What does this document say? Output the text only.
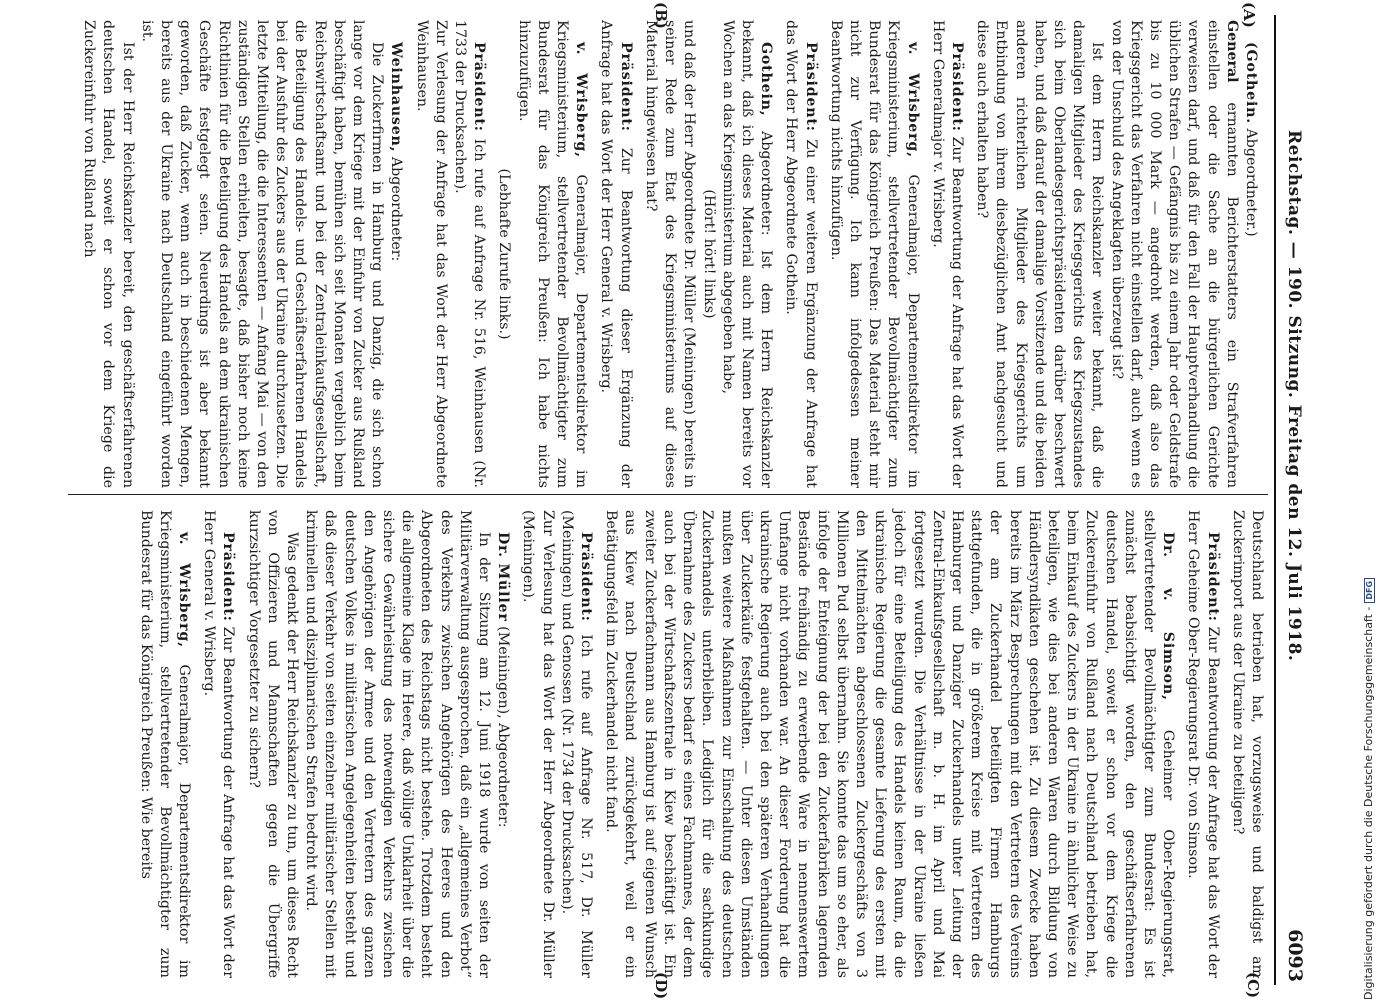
Reichstag. — 190. Sitzung. Freitag den 12. Juli 1918.
6093
(A)
(B)
(C)
(D)

(Gothein. Abgeordneter.)

General ernannten Berichterstatters ein Strafverfahren einstellen oder die Sache an die bürgerlichen Gerichte verweisen darf, und daß für den Fall der Hauptverhandlung die üblichen Strafen — Gefängnis bis zu einem Jahr oder Geldstrafe bis zu 10 000 Mark — angedroht werden, daß also das Kriegsgericht das Verfahren nicht einstellen darf, auch wenn es von der Unschuld des Angeklagten überzeugt ist?

Ist dem Herrn Reichskanzler weiter bekannt, daß die damaligen Mitglieder des Kriegsgerichts des Kriegszustandes sich beim Oberlandesgerichtspräsidenten darüber beschwert haben, und daß darauf der damalige Vorsitzende und die beiden anderen richterlichen Mitglieder des Kriegsgerichts um Entbindung von ihrem diesbezüglichen Amt nachgesucht und diese auch erhalten haben?

Präsident: Zur Beantwortung der Anfrage hat das Wort der Herr Generalmajor v. Wrisberg.

v. Wrisberg, Generalmajor, Departementsdirektor im Kriegsministerium, stellvertretender Bevollmächtigter zum Bundesrat für das Königreich Preußen: Das Material steht mir nicht zur Verfügung. Ich kann infolgedessen meiner Beantwortung nichts hinzufügen.

Präsident: Zu einer weiteren Ergänzung der Anfrage hat das Wort der Herr Abgeordnete Gothein.

Gothein, Abgeordneter: Ist dem Herrn Reichskanzler bekannt, daß ich dieses Material auch mit Namen bereits vor Wochen an das Kriegsministerium abgegeben habe,

(Hört! hört! links)

und daß der Herr Abgeordnete Dr. Müller (Meiningen) bereits in seiner Rede zum Etat des Kriegsministeriums auf dieses Material hingewiesen hat?

Präsident: Zur Beantwortung dieser Ergänzung der Anfrage hat das Wort der Herr General v. Wrisberg.

v. Wrisberg, Generalmajor, Departementsdirektor im Kriegsministerium, stellvertretender Bevollmächtigter zum Bundesrat für das Königreich Preußen: Ich habe nichts hinzuzufügen.

(Lebhafte Zurufe links.)

Präsident: Ich rufe auf Anfrage Nr. 516, Weinhausen (Nr. 1733 der Drucksachen).

Zur Verlesung der Anfrage hat das Wort der Herr Abgeordnete Weinhausen.

Weinhausen, Abgeordneter:

Die Zuckerfirmen in Hamburg und Danzig, die sich schon lange vor dem Kriege mit der Einfuhr von Zucker aus Rußland beschäftigt haben, bemühen sich seit Monaten vergeblich beim Reichswirtschaftsamt und bei der Zentraleinkaufsgesellschaft, die Beteiligung des Handels- und Geschäftserfahrenen Handels bei der Ausfuhr des Zuckers aus der Ukraine durchzusetzen. Die letzte Mitteilung, die die Interessenten — Anfang Mai — von den zuständigen Stellen erhielten, besagte, daß bisher noch keine Richtlinien für die Beteiligung des Handels an dem ukrainischen Geschäfte festgelegt seien. Neuerdings ist aber bekannt geworden, daß Zucker, wenn auch in beschiedenen Mengen, bereits aus der Ukraine nach Deutschland eingeführt worden ist.

Ist der Herr Reichskanzler bereit, den geschäftserfahrenen deutschen Handel, soweit er schon vor dem Kriege die Zuckereinfuhr von Rußland nach

Deutschland betrieben hat, vorzugsweise und baldigst am Zuckerimport aus der Ukraine zu beteiligen?

Präsident: Zur Beantwortung der Anfrage hat das Wort der Herr Geheime Ober-Regierungsrat Dr. von Simson.

Dr. v. Simson, Geheimer Ober-Regierungsrat, stellvertretender Bevollmächtigter zum Bundesrat: Es ist zunächst beabsichtigt worden, den geschäftserfahrenen deutschen Handel, soweit er schon vor dem Kriege die Zuckereinfuhr von Rußland nach Deutschland betrieben hat, beim Einkauf des Zuckers in der Ukraine in ähnlicher Weise zu beteiligen, wie dies bei anderen Waren durch Bildung von Händlersyndikaten geschehen ist. Zu diesem Zwecke haben bereits im März Besprechungen mit den Vertretern des Vereins der am Zuckerhandel beteiligten Firmen Hamburgs stattgefunden, die in größerem Kreise mit Vertretern des Hamburger und Danziger Zuckerhandels unter Leitung der Zentral-Einkaufsgesellschaft m. b. H. im April und Mai fortgesetzt wurden. Die Verhältnisse in der Ukraine ließen jedoch für eine Beteiligung des Handels keinen Raum, da die ukrainische Regierung die gesamte Lieferung des ersten mit den Mittelmächten abgeschlossenen Zuckergeschäfts von 3 Millionen Pud selbst übernahm. Sie konnte das um so eher, als infolge der Enteignung der bei den Zuckerfabriken lagernden Bestände freihändig zu erwerbende Ware in nennenswertem Umfange nicht vorhanden war. An dieser Forderung hat die ukrainische Regierung auch bei den späteren Verhandlungen über Zuckerkäufe festgehalten. — Unter diesen Umständen mußten weitere Maßnahmen zur Einschaltung des deutschen Zuckerhandels unterbleiben. Lediglich für die sachkundige Übernahme des Zuckers bedarf es eines Fachmannes, der dem auch bei der Wirtschaftszentrale in Kiew beschäftigt ist. Ein zweiter Zuckerfachmann aus Hamburg ist auf eigenen Wunsch aus Kiew nach Deutschland zurückgekehrt, weil er ein Betätigungsfeld im Zuckerhandel nicht fand.

Präsident: Ich rufe auf Anfrage Nr. 517, Dr. Müller (Meiningen) und Genossen (Nr. 1734 der Drucksachen).

Zur Verlesung hat das Wort der Herr Abgeordnete Dr. Müller (Meiningen).

Dr. Müller (Meiningen), Abgeordneter:

In der Sitzung am 12. Juni 1918 wurde von seiten der Militärverwaltung ausgesprochen, daß ein „allgemeines Verbot“ des Verkehrs zwischen Angehörigen des Heeres und den Abgeordneten des Reichstags nicht bestehe. Trotzdem besteht die allgemeine Klage im Heere, daß völlige Unklarheit über die sichere Gewährleistung des notwendigen Verkehrs zwischen den Angehörigen der Armee und den Vertretern des ganzen deutschen Volkes in militärischen Angelegenheiten besteht und daß dieser Verkehr von seiten einzelner militärischer Stellen mit kriminellen und disziplinarischen Strafen bedroht wird.

Was gedenkt der Herr Reichskanzler zu tun, um dieses Recht von Offizieren und Mannschaften gegen die Übergriffe kurzsichtiger Vorgesetzter zu sichern?

Präsident: Zur Beantwortung der Anfrage hat das Wort der Herr General v. Wrisberg.

v. Wrisberg, Generalmajor, Departementsdirektor im Kriegsministerium, stellvertretender Bevollmächtigter zum Bundesrat für das Königreich Preußen: Wie bereits	Digitalisierung gefördert durch die Deutsche Forschungsgemeinschaft -DFG
